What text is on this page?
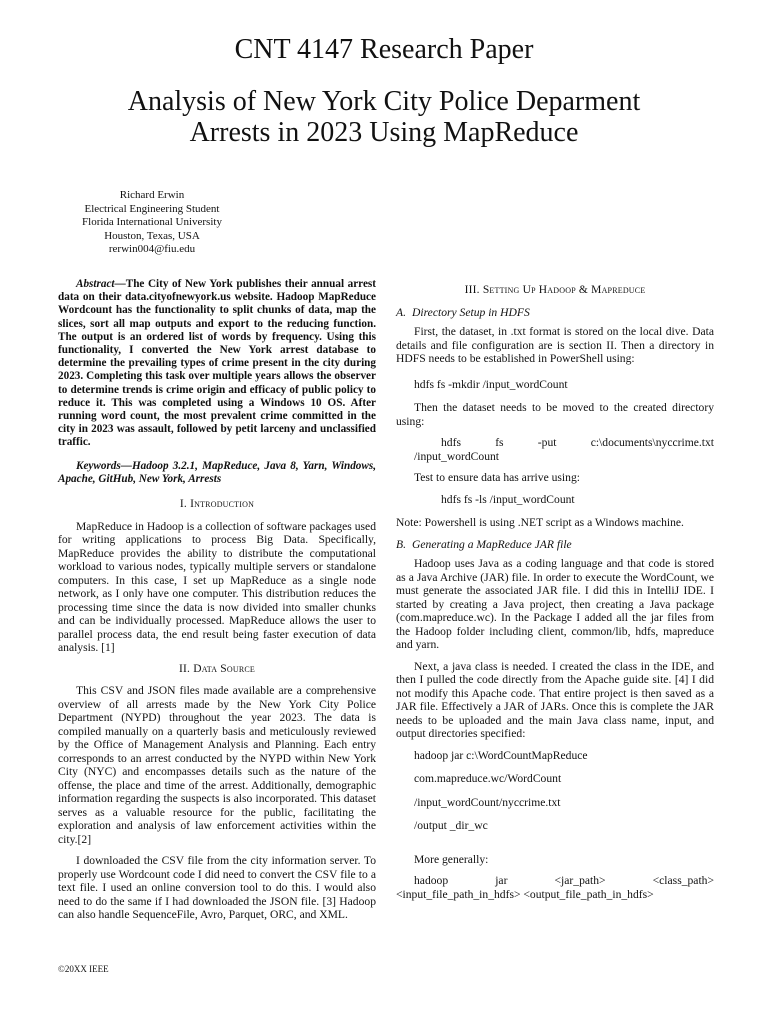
CNT 4147 Research Paper
Analysis of New York City Police Deparment
Arrests in 2023 Using MapReduce
Richard Erwin
Electrical Engineering Student
Florida International University
Houston, Texas, USA
rerwin004@fiu.edu

Abstract—The City of New York publishes their annual arrest data on their data.cityofnewyork.us website. Hadoop MapReduce Wordcount has the functionality to split chunks of data, map the slices, sort all map outputs and export to the reducing function. The output is an ordered list of words by frequency. Using this functionality, I converted the New York arrest database to determine the prevailing types of crime present in the city during 2023. Completing this task over multiple years allows the observer to determine trends is crime origin and efficacy of public policy to reduce it. This was completed using a Windows 10 OS. After running word count, the most prevalent crime committed in the city in 2023 was assault, followed by petit larceny and unclassified traffic.

Keywords—Hadoop 3.2.1, MapReduce, Java 8, Yarn, Windows, Apache, GitHub, New York, Arrests

I. Introduction

MapReduce in Hadoop is a collection of software packages used for writing applications to process Big Data. Specifically, MapReduce provides the ability to distribute the computational workload to various nodes, typically multiple servers or standalone computers. In this case, I set up MapReduce as a single node network, as I only have one computer. This distribution reduces the processing time since the data is now divided into smaller chunks and can be individually processed. MapReduce allows the user to parallel process data, the end result being faster execution of data analysis. [1]

II. Data Source

This CSV and JSON files made available are a comprehensive overview of all arrests made by the New York City Police Department (NYPD) throughout the year 2023. The data is compiled manually on a quarterly basis and meticulously reviewed by the Office of Management Analysis and Planning. Each entry corresponds to an arrest conducted by the NYPD within New York City (NYC) and encompasses details such as the nature of the offense, the place and time of the arrest. Additionally, demographic information regarding the suspects is also incorporated. This dataset serves as a valuable resource for the public, facilitating the exploration and analysis of law enforcement activities within the city.[2]

I downloaded the CSV file from the city information server. To properly use Wordcount code I did need to convert the CSV file to a text file. I used an online conversion tool to do this. I would also need to do the same if I had downloaded the JSON file. [3] Hadoop can also handle SequenceFile, Avro, Parquet, ORC, and XML.

III. Setting Up Hadoop & Mapreduce
A. Directory Setup in HDFS

First, the dataset, in .txt format is stored on the local dive. Data details and file configuration are is section II. Then a directory in HDFS needs to be established in PowerShell using:

hdfs fs -mkdir /input_wordCount

Then the dataset needs to be moved to the created directory using:

hdfs	fs	-put	c:\documents\nyccrime.txt
/input_wordCount

Test to ensure data has arrive using:

hdfs fs -ls /input_wordCount

Note: Powershell is using .NET script as a Windows machine.

B. Generating a MapReduce JAR file

Hadoop uses Java as a coding language and that code is stored as a Java Archive (JAR) file. In order to execute the WordCount, we must generate the associated JAR file. I did this in IntelliJ IDE. I started by creating a Java project, then creating a Java package (com.mapreduce.wc). In the Package I added all the jar files from the Hadoop folder including client, common/lib, hdfs, mapreduce and yarn.

Next, a java class is needed. I created the class in the IDE, and then I pulled the code directly from the Apache guide site. [4] I did not modify this Apache code. That entire project is then saved as a JAR file. Effectively a JAR of JARs. Once this is complete the JAR needs to be uploaded and the main Java class name, input, and output directories specified:

hadoop jar c:\WordCountMapReduce
com.mapreduce.wc/WordCount
/input_wordCount/nyccrime.txt
/output _dir_wc

More generally:

hadoop	jar	<jar_path>	<class_path>
<input_file_path_in_hdfs> <output_file_path_in_hdfs>
©20XX IEEE
